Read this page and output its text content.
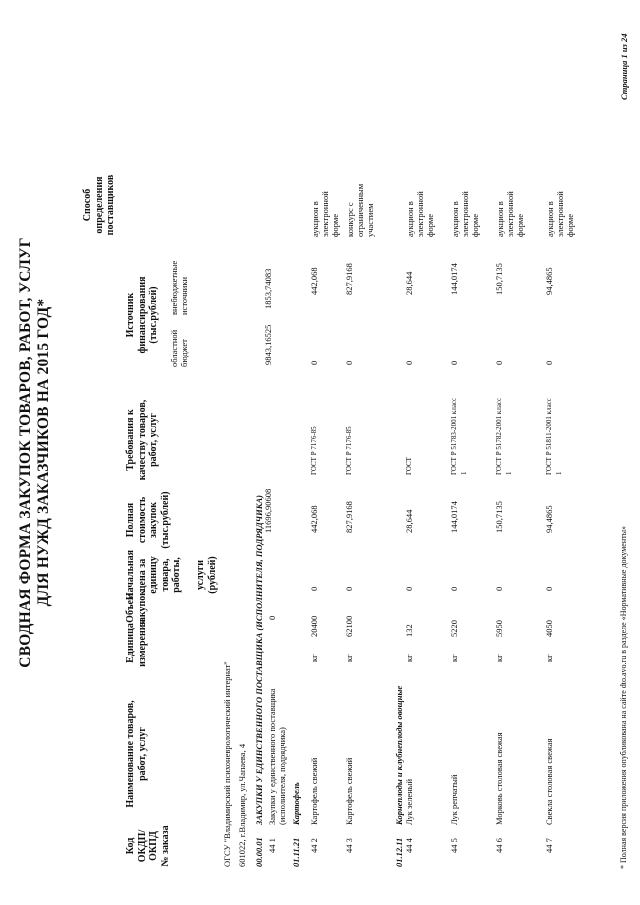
СВОДНАЯ ФОРМА ЗАКУПОК ТОВАРОВ, РАБОТ, УСЛУГ ДЛЯ НУЖД ЗАКАЗЧИКОВ НА 2015 ГОД*
Код ОКДП/ ОКПД № заказа
Наименование товаров, работ, услуг
Единица измерения
Объем закупок
Начальная цена за единицу товара, работы, услуги (рублей)
Полная стоимость закупок (тыс.рублей)
Требования к качеству товаров, работ, услуг
Источник финансирования (тыс.рублей)
областной бюджет
внебюджетные источники
Способ определения поставщиков
ОГСУ "Владимирский психоневрологический интернат" 601022, г.Владимир, ул.Чапаева, 4 00.00.01
ЗАКУПКИ У ЕДИНСТВЕННОГО ПОСТАВЩИКА (ИСПОЛНИТЕЛЯ, ПОДРЯДЧИКА) 11696,90608
9843,16525
1853,74083
44 1
Закупки у единственного поставщика (исполнителя, подрядчика)
0
01.11.21
Картофель
01.12.11
Корнеплоды и клубнеплоды овощные
44 2
Картофель свежий
кг
20400
0
442,068
ГОСТ Р 7176-85
0
442,068
аукцион в электронной форме
44 3
Картофель свежий
кг
62100
0
827,9168
ГОСТ Р 7176-85
0
827,9168
конкурс с ограниченным участием
44 4
Лук зеленый
кг
132
0
28,644
ГОСТ
0
28,644
аукцион в электронной форме
44 5
Лук репчатый
кг
5220
0
144,0174
ГОСТ Р 51783-2001 класс 1
0
144,0174
аукцион в электронной форме
44 6
Морковь столовая свежая
кг
5950
0
150,7135
ГОСТ Р 51782-2001 класс 1
0
150,7135
аукцион в электронной форме
44 7
Свекла столовая свежая
кг
4050
0
94,4865
ГОСТ Р 51811-2001 класс 1
0
94,4865
аукцион в электронной форме
* Полная версия приложения опубликована на сайте dto.avo.ru в разделе «Нормативные документы»
Страница 1 из 24
